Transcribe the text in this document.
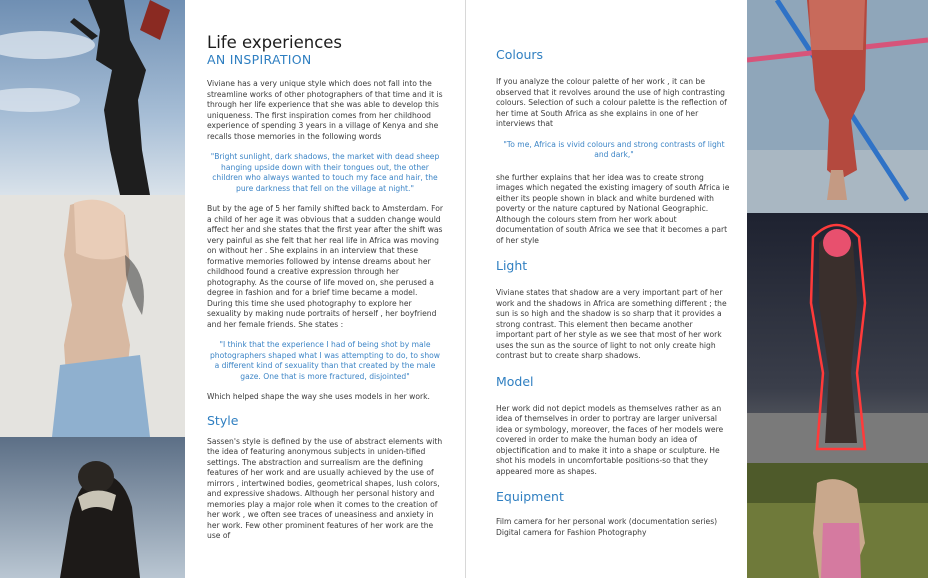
Life experiences
AN INSPIRATION

Viviane has a very unique style which does not fall into the streamline works of other photographers of that time and it is through her life experience that she was able to develop this uniqueness. The first inspiration comes from her childhood experience of spending 3 years in a village of Kenya and she recalls those memories in the following words

"Bright sunlight, dark shadows, the market with dead sheep hanging upside down with their tongues out, the other children who always wanted to touch my face and hair, the pure darkness that fell on the village at night."

But by the age of 5 her family shifted back to Amsterdam. For a child of her age it was obvious that a sudden change would affect her and she states that the first year after the shift was very painful as she felt that her real life in Africa was moving on without her . She explains in an interview that these formative memories followed by intense dreams about her childhood found a creative expression through her photography. As the course of life moved on, she perused a degree in fashion and for a brief time became a model. During this time she used photography to explore her sexuality by making nude portraits of herself , her boyfriend and her female friends. She states :

"I think that the experience I had of being shot by male photographers shaped what I was attempting to do, to show a different kind of sexuality than that created by the male gaze. One that is more fractured, disjointed"

Which helped shape the way she uses models in her work.

Style

Sassen's style is defined by the use of abstract elements with the idea of featuring anonymous subjects in uniden-tified settings. The abstraction and surrealism are the defining features of her work and are usually achieved by the use of mirrors , intertwined bodies, geometrical shapes, lush colors, and expressive shadows. Although her personal history and memories play a major role when it comes to the creation of her work , we often see traces of uneasiness and anxiety in her work. Few other prominent features of her work are the use of

Colours

If you analyze the colour palette of her work , it can be observed that it revolves around the use of high contrasting colours. Selection of such a colour palette is the reflection of her time at South Africa as she explains in one of her interviews that

"To me, Africa is vivid colours and strong contrasts of light and dark,"

she further explains that her idea was to create strong images which negated the existing imagery of south Africa ie either its people shown in black and white burdened with poverty or the nature captured by National Geographic. Although the colours stem from her work about documentation of south Africa we see that it becomes a part of her style

Light

Viviane states that shadow are a very important part of her work and the shadows in Africa are something different ; the sun is so high and the shadow is so sharp that it provides a strong contrast. This element then became another important part of her style as we see that most of her work uses the sun as the source of light to not only create high contrast but to create sharp shadows.

Model

Her work did not depict models as themselves rather as an idea of themselves in order to portray are larger universal idea or symbology, moreover, the faces of her models were covered in order to make the human body an idea of objectification and to make it into a shape or sculpture. He shot his models in uncomfortable positions-so that they appeared more as shapes.

Equipment

Film camera for her personal work (documentation series)

Digital camera for Fashion Photography
